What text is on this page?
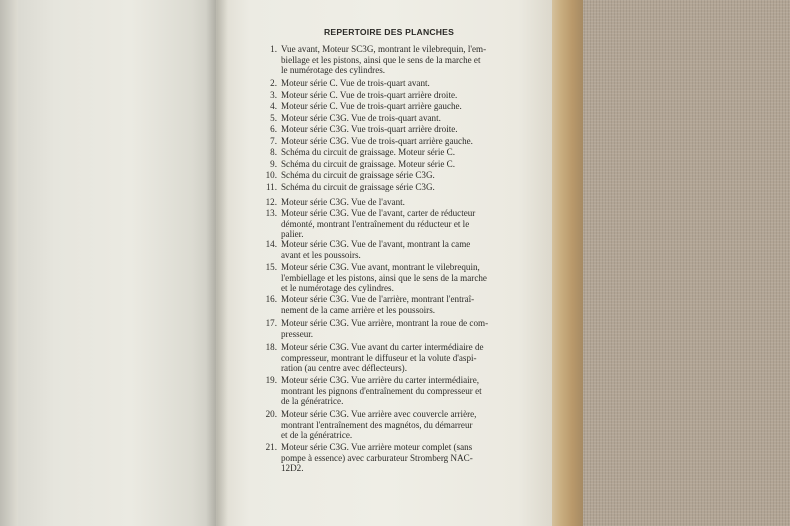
REPERTOIRE DES PLANCHES
1. Vue avant, Moteur SC3G, montrant le vilebrequin, l'em-
biellage et les pistons, ainsi que le sens de la marche et
le numérotage des cylindres.
2. Moteur série C. Vue de trois-quart avant.
3. Moteur série C. Vue de trois-quart arrière droite.
4. Moteur série C. Vue de trois-quart arrière gauche.
5. Moteur série C3G. Vue de trois-quart avant.
6. Moteur série C3G. Vue trois-quart arrière droite.
7. Moteur série C3G. Vue de trois-quart arrière gauche.
8. Schéma du circuit de graissage. Moteur série C.
9. Schéma du circuit de graissage. Moteur série C.
10. Schéma du circuit de graissage série C3G.
11. Schéma du circuit de graissage série C3G.
12. Moteur série C3G. Vue de l'avant.
13. Moteur série C3G. Vue de l'avant, carter de réducteur
démonté, montrant l'entraînement du réducteur et le
palier.
14. Moteur série C3G. Vue de l'avant, montrant la came
avant et les poussoirs.
15. Moteur série C3G. Vue avant, montrant le vilebrequin,
l'embiellage et les pistons, ainsi que le sens de la marche
et le numérotage des cylindres.
16. Moteur série C3G. Vue de l'arrière, montrant l'entraî-
nement de la came arrière et les poussoirs.
17. Moteur série C3G. Vue arrière, montrant la roue de com-
presseur.
18. Moteur série C3G. Vue avant du carter intermédiaire de
compresseur, montrant le diffuseur et la volute d'aspi-
ration (au centre avec déflecteurs).
19. Moteur série C3G. Vue arrière du carter intermédiaire,
montrant les pignons d'entraînement du compresseur et
de la génératrice.
20. Moteur série C3G. Vue arrière avec couvercle arrière,
montrant l'entraînement des magnétos, du démarreur
et de la génératrice.
21. Moteur série C3G. Vue arrière moteur complet (sans
pompe à essence) avec carburateur Stromberg NAC-
12D2.
